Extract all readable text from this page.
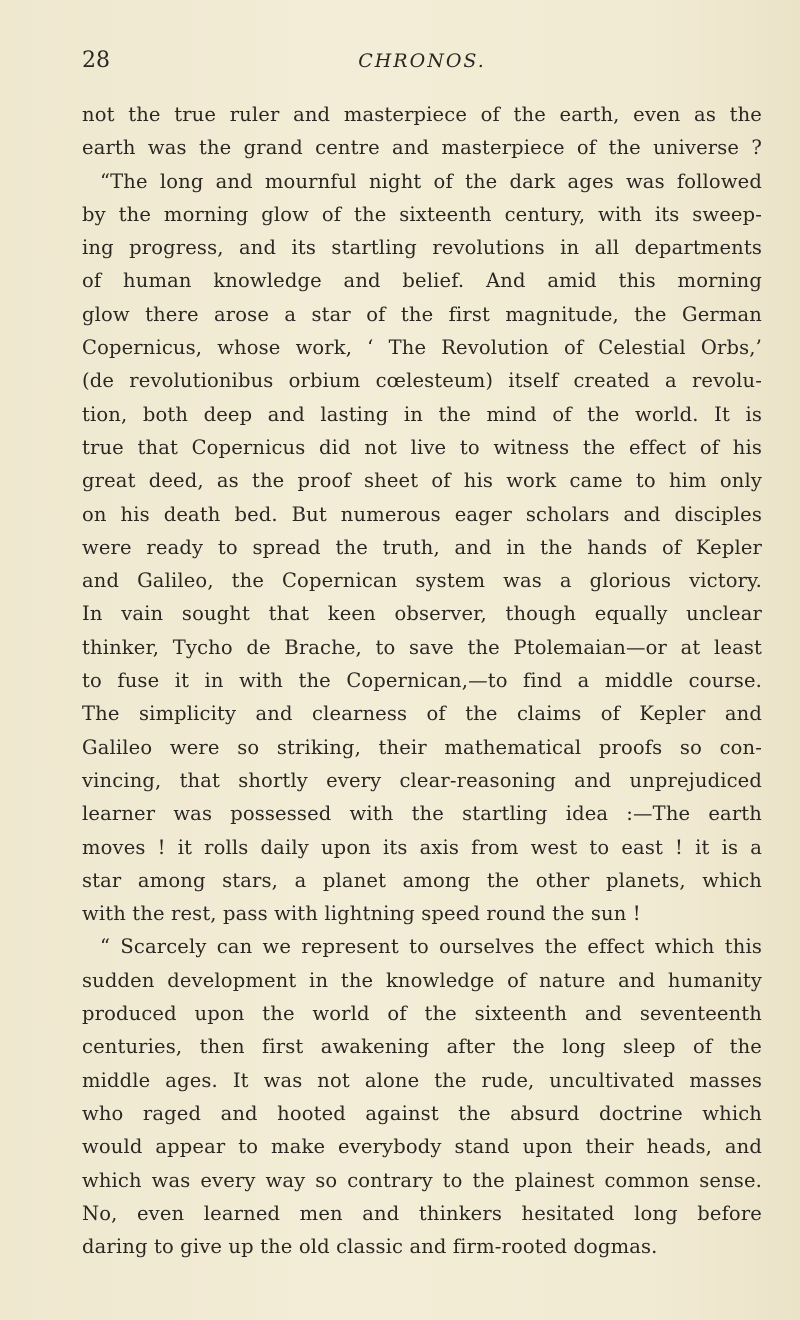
28	CHRONOS.
not the true ruler and masterpiece of the earth, even as the
earth was the grand centre and masterpiece of the universe ?
“The long and mournful night of the dark ages was followed
by the morning glow of the sixteenth century, with its sweep-
ing progress, and its startling revolutions in all departments
of human knowledge and belief. And amid this morning
glow there arose a star of the first magnitude, the German
Copernicus, whose work, ‘ The Revolution of Celestial Orbs,’
(de revolutionibus orbium cœlesteum) itself created a revolu-
tion, both deep and lasting in the mind of the world. It is
true that Copernicus did not live to witness the effect of his
great deed, as the proof sheet of his work came to him only
on his death bed. But numerous eager scholars and disciples
were ready to spread the truth, and in the hands of Kepler
and Galileo, the Copernican system was a glorious victory.
In vain sought that keen observer, though equally unclear
thinker, Tycho de Brache, to save the Ptolemaian—or at least
to fuse it in with the Copernican,—to find a middle course.
The simplicity and clearness of the claims of Kepler and
Galileo were so striking, their mathematical proofs so con-
vincing, that shortly every clear-reasoning and unprejudiced
learner was possessed with the startling idea :—The earth
moves ! it rolls daily upon its axis from west to east ! it is a
star among stars, a planet among the other planets, which
with the rest, pass with lightning speed round the sun !
“ Scarcely can we represent to ourselves the effect which this
sudden development in the knowledge of nature and humanity
produced upon the world of the sixteenth and seventeenth
centuries, then first awakening after the long sleep of the
middle ages. It was not alone the rude, uncultivated masses
who raged and hooted against the absurd doctrine which
would appear to make everybody stand upon their heads, and
which was every way so contrary to the plainest common sense.
No, even learned men and thinkers hesitated long before
daring to give up the old classic and firm-rooted dogmas.
